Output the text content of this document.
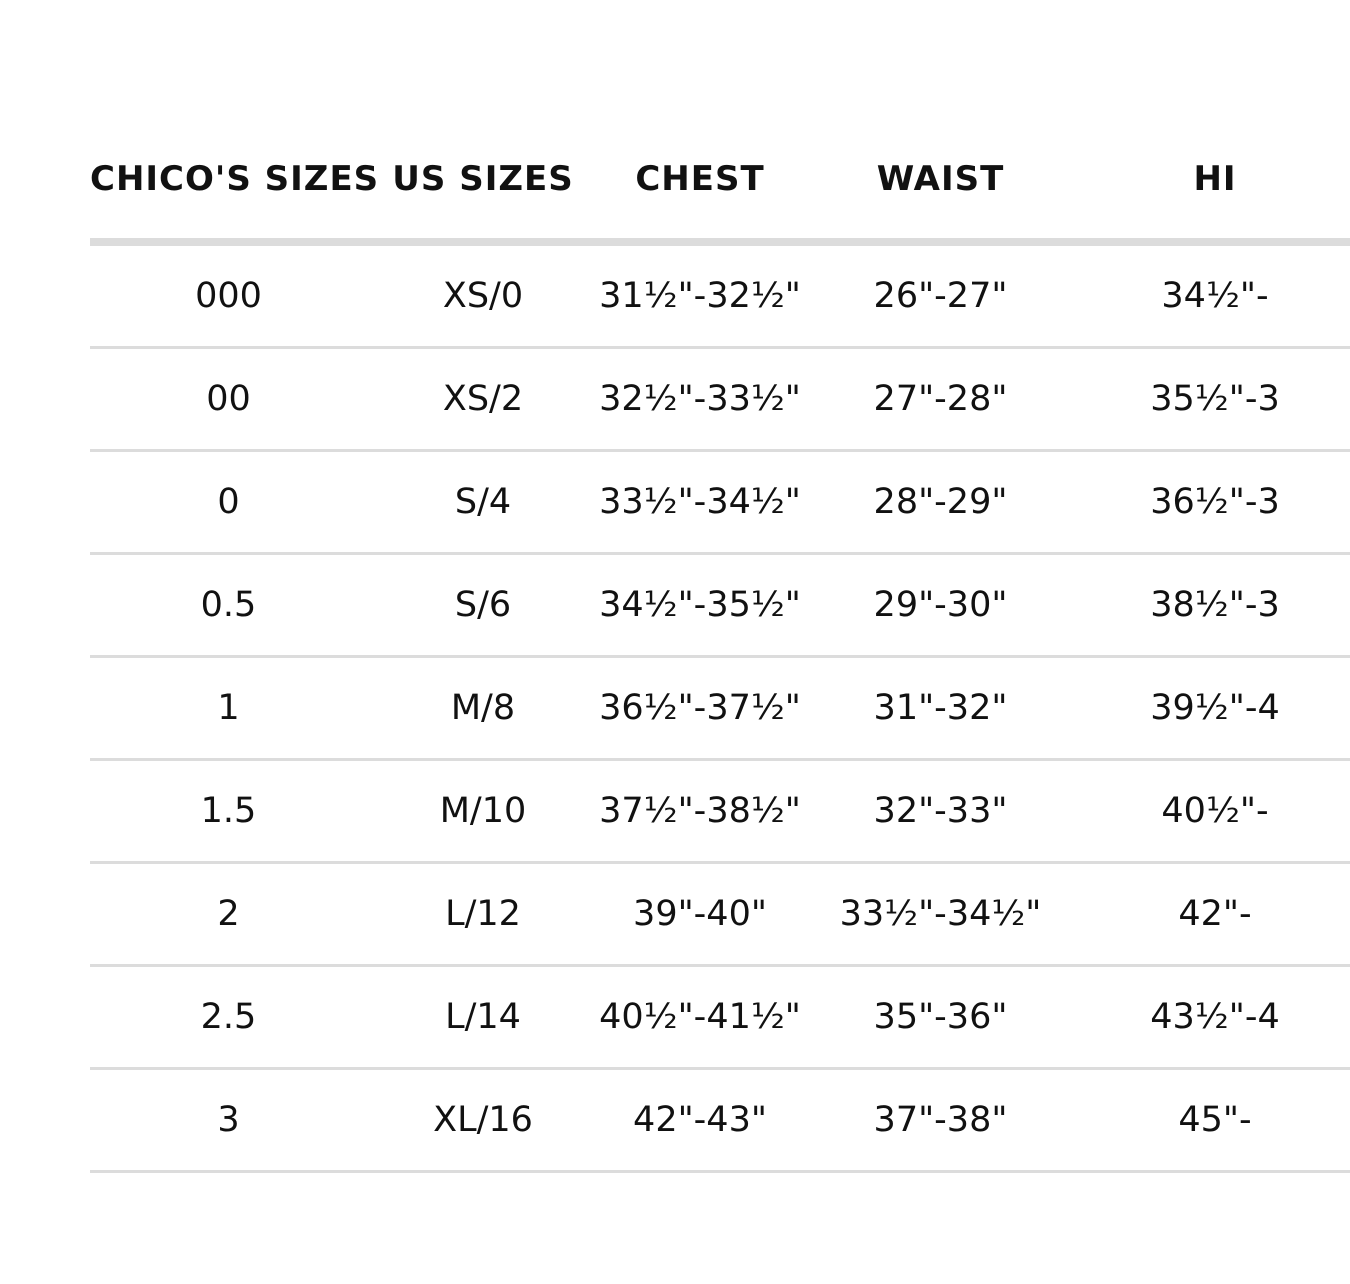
CHICO'S SIZES	US SIZES	CHEST	WAIST	HI
000	XS/0	31½"-32½"	26"-27"	34½"-
00	XS/2	32½"-33½"	27"-28"	35½"-3
0	S/4	33½"-34½"	28"-29"	36½"-3
0.5	S/6	34½"-35½"	29"-30"	38½"-3
1	M/8	36½"-37½"	31"-32"	39½"-4
1.5	M/10	37½"-38½"	32"-33"	40½"-
2	L/12	39"-40"	33½"-34½"	42"-
2.5	L/14	40½"-41½"	35"-36"	43½"-4
3	XL/16	42"-43"	37"-38"	45"-
